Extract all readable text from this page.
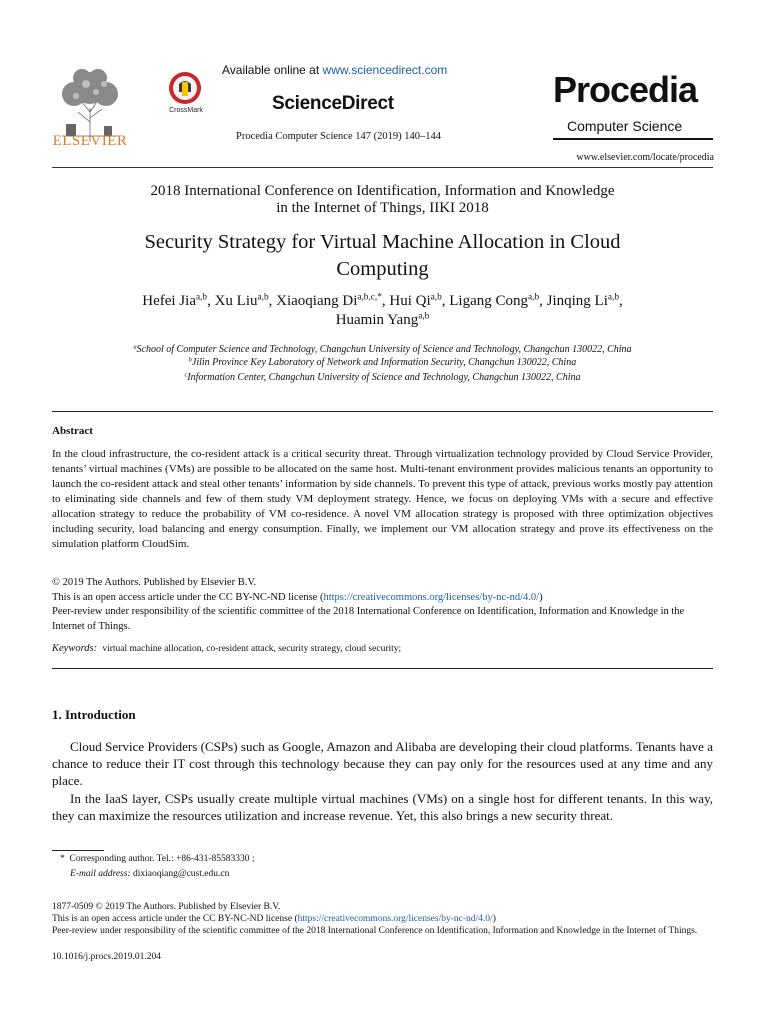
ELSEVIER
CrossMark
Available online at www.sciencedirect.com
ScienceDirect
Procedia Computer Science 147 (2019) 140–144
Procedia
Computer Science
www.elsevier.com/locate/procedia
2018 International Conference on Identification, Information and Knowledge
in the Internet of Things, IIKI 2018
Security Strategy for Virtual Machine Allocation in Cloud
Computing
Hefei Jia$^{a,b}$, Xu Liu$^{a,b}$, Xiaoqiang $Di^{a,b,c,*}$, Hui Qi$^{a,b}$, Ligang Cong$^{a,b}$, Jinqing Li$^{a,b}$,
Huamin Yang$^{a,b}$
$^a$School of Computer Science and Technology, Changchun University of Science and Technology, Changchun 130022, China
$^b$Jilin Province Key Laboratory of Network and Information Security, Changchun 130022, China
$^c$Information Center, Changchun University of Science and Technology, Changchun 130022, China
Abstract
In the cloud infrastructure, the co-resident attack is a critical security threat. Through virtualization technology provided by Cloud Service Provider, tenants’ virtual machines (VMs) are possible to be allocated on the same host. Multi-tenant environment provides malicious tenants an opportunity to launch the co-resident attack and steal other tenants’ information by side channels. To prevent this type of attack, previous works mostly pay attention to eliminating side channels and few of them study VM deployment strategy. Hence, we focus on deploying VMs with a secure and effective allocation strategy to reduce the probability of VM co-residence. A novel VM allocation strategy is proposed with three optimization objectives including security, load balancing and energy consumption. Finally, we implement our VM allocation strategy and prove its effectiveness on the simulation platform CloudSim.
© 2019 The Authors. Published by Elsevier B.V.
This is an open access article under the CC BY-NC-ND license (https://creativecommons.org/licenses/by-nc-nd/4.0/)
Peer-review under responsibility of the scientific committee of the 2018 International Conference on Identification, Information and Knowledge in the Internet of Things.
Keywords: virtual machine allocation, co-resident attack, security strategy, cloud security;
1. Introduction
Cloud Service Providers (CSPs) such as Google, Amazon and Alibaba are developing their cloud platforms. Tenants have a chance to reduce their IT cost through this technology because they can pay only for the resources used at any time and any place.
In the IaaS layer, CSPs usually create multiple virtual machines (VMs) on a single host for different tenants. In this way, they can maximize the resources utilization and increase revenue. Yet, this also brings a new security threat.
* Corresponding author. Tel.: +86-431-85583330 ;
E-mail address: dixiaoqiang@cust.edu.cn
1877-0509 © 2019 The Authors. Published by Elsevier B.V.
This is an open access article under the CC BY-NC-ND license (https://creativecommons.org/licenses/by-nc-nd/4.0/)
Peer-review under responsibility of the scientific committee of the 2018 International Conference on Identification, Information and Knowledge in the Internet of Things.
10.1016/j.procs.2019.01.204
